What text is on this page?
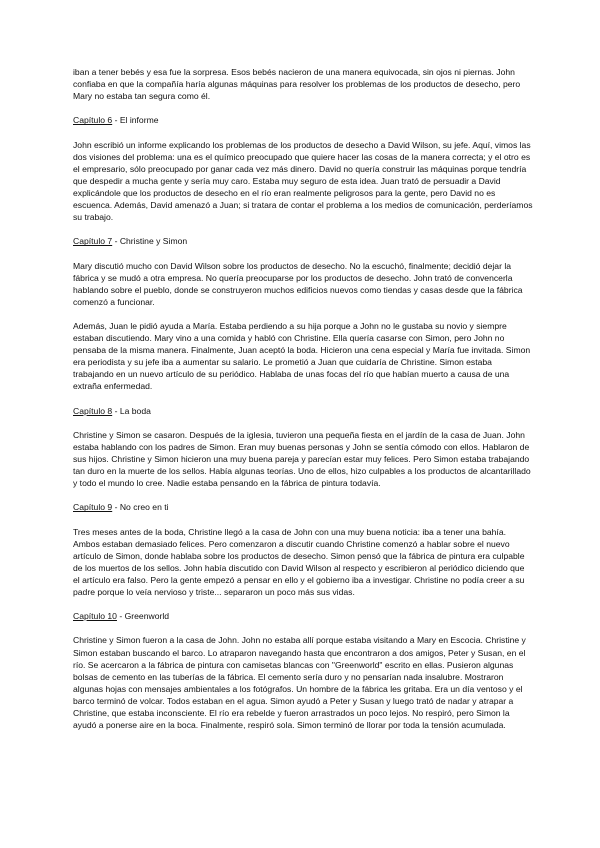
iban a tener bebés y esa fue la sorpresa. Esos bebés nacieron de una manera equivocada, sin ojos ni piernas. John confiaba en que la compañía haría algunas máquinas para resolver los problemas de los productos de desecho, pero Mary no estaba tan segura como él.

Capítulo 6 - El informe

John escribió un informe explicando los problemas de los productos de desecho a David Wilson, su jefe. Aquí, vimos las dos visiones del problema: una es el químico preocupado que quiere hacer las cosas de la manera correcta; y el otro es el empresario, sólo preocupado por ganar cada vez más dinero. David no quería construir las máquinas porque tendría que despedir a mucha gente y sería muy caro. Estaba muy seguro de esta idea. Juan trató de persuadir a David explicándole que los productos de desecho en el río eran realmente peligrosos para la gente, pero David no es escuenca. Además, David amenazó a Juan; si tratara de contar el problema a los medios de comunicación, perderíamos su trabajo.

Capítulo 7 - Christine y Simon

Mary discutió mucho con David Wilson sobre los productos de desecho. No la escuchó, finalmente; decidió dejar la fábrica y se mudó a otra empresa. No quería preocuparse por los productos de desecho. John trató de convencerla hablando sobre el pueblo, donde se construyeron muchos edificios nuevos como tiendas y casas desde que la fábrica comenzó a funcionar.

Además, Juan le pidió ayuda a María. Estaba perdiendo a su hija porque a John no le gustaba su novio y siempre estaban discutiendo. Mary vino a una comida y habló con Christine. Ella quería casarse con Simon, pero John no pensaba de la misma manera. Finalmente, Juan aceptó la boda. Hicieron una cena especial y María fue invitada. Simon era periodista y su jefe iba a aumentar su salario. Le prometió a Juan que cuidaría de Christine. Simon estaba trabajando en un nuevo artículo de su periódico. Hablaba de unas focas del río que habían muerto a causa de una extraña enfermedad.

Capítulo 8 - La boda

Christine y Simon se casaron. Después de la iglesia, tuvieron una pequeña fiesta en el jardín de la casa de Juan. John estaba hablando con los padres de Simon. Eran muy buenas personas y John se sentía cómodo con ellos. Hablaron de sus hijos. Christine y Simon hicieron una muy buena pareja y parecían estar muy felices. Pero Simon estaba trabajando tan duro en la muerte de los sellos. Había algunas teorías. Uno de ellos, hizo culpables a los productos de alcantarillado y todo el mundo lo cree. Nadie estaba pensando en la fábrica de pintura todavía.

Capítulo 9 - No creo en ti

Tres meses antes de la boda, Christine llegó a la casa de John con una muy buena noticia: iba a tener una bahía. Ambos estaban demasiado felices. Pero comenzaron a discutir cuando Christine comenzó a hablar sobre el nuevo artículo de Simon, donde hablaba sobre los productos de desecho. Simon pensó que la fábrica de pintura era culpable de los muertos de los sellos. John había discutido con David Wilson al respecto y escribieron al periódico diciendo que el artículo era falso. Pero la gente empezó a pensar en ello y el gobierno iba a investigar. Christine no podía creer a su padre porque lo veía nervioso y triste... separaron un poco más sus vidas.

Capítulo 10 - Greenworld

Christine y Simon fueron a la casa de John. John no estaba allí porque estaba visitando a Mary en Escocia. Christine y Simon estaban buscando el barco. Lo atraparon navegando hasta que encontraron a dos amigos, Peter y Susan, en el río. Se acercaron a la fábrica de pintura con camisetas blancas con "Greenworld" escrito en ellas. Pusieron algunas bolsas de cemento en las tuberías de la fábrica. El cemento sería duro y no pensarían nada insalubre. Mostraron algunas hojas con mensajes ambientales a los fotógrafos. Un hombre de la fábrica les gritaba. Era un día ventoso y el barco terminó de volcar. Todos estaban en el agua. Simon ayudó a Peter y Susan y luego trató de nadar y atrapar a Christine, que estaba inconsciente. El río era rebelde y fueron arrastrados un poco lejos. No respiró, pero Simon la ayudó a ponerse aire en la boca. Finalmente, respiró sola. Simon terminó de llorar por toda la tensión acumulada.
